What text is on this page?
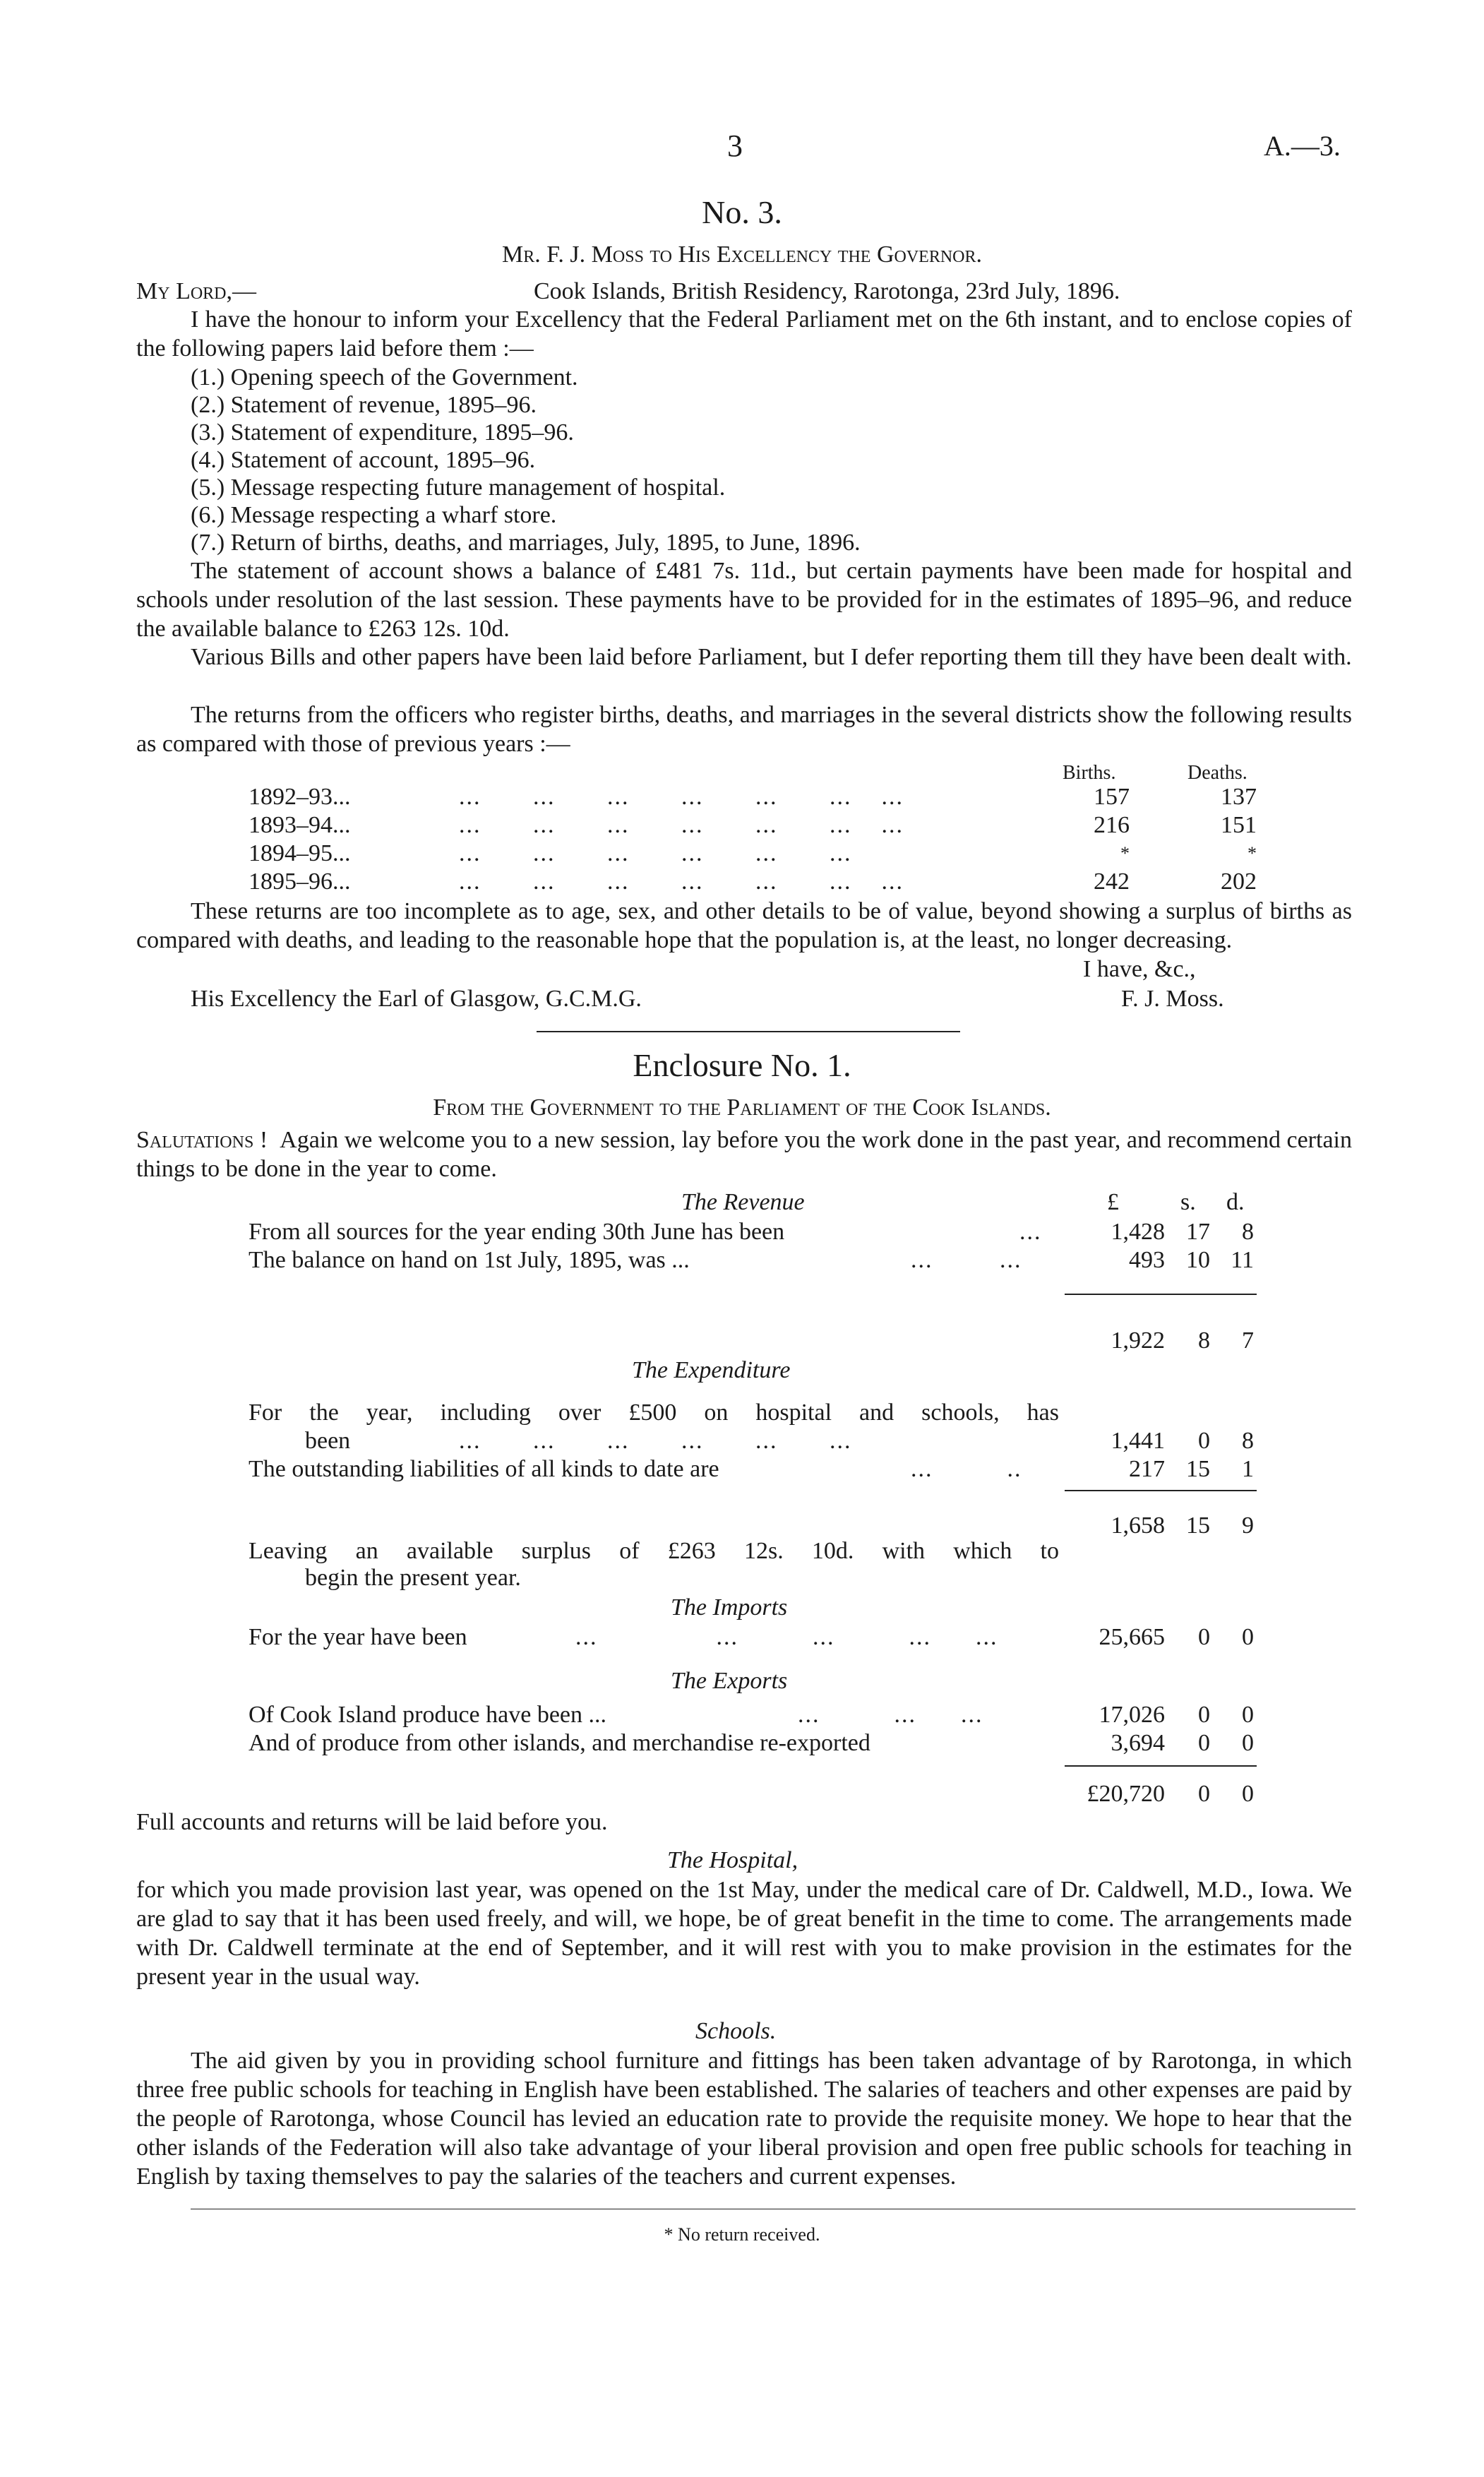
3	A.—3.
No. 3.
Mr. F. J. Moss to His Excellency the Governor.
My Lord,—	Cook Islands, British Residency, Rarotonga, 23rd July, 1896.
I have the honour to inform your Excellency that the Federal Parliament met on the 6th instant, and to enclose copies of the following papers laid before them :—
(1.) Opening speech of the Government.
(2.) Statement of revenue, 1895–96.
(3.) Statement of expenditure, 1895–96.
(4.) Statement of account, 1895–96.
(5.) Message respecting future management of hospital.
(6.) Message respecting a wharf store.
(7.) Return of births, deaths, and marriages, July, 1895, to June, 1896.
The statement of account shows a balance of £481 7s. 11d., but certain payments have been made for hospital and schools under resolution of the last session. These payments have to be provided for in the estimates of 1895–96, and reduce the available balance to £263 12s. 10d.
Various Bills and other papers have been laid before Parliament, but I defer reporting them till they have been dealt with.
The returns from the officers who register births, deaths, and marriages in the several districts show the following results as compared with those of previous years :—
Births.	Deaths.
1892–93...	...       ...       ...       ...       ...       ...    ...	157	137
1893–94...	...       ...       ...       ...       ...       ...    ...	216	151
1894–95...	...       ...       ...       ...       ...       ...	*	*
1895–96...	...       ...       ...       ...       ...       ...    ...	242	202
These returns are too incomplete as to age, sex, and other details to be of value, beyond showing a surplus of births as compared with deaths, and leading to the reasonable hope that the population is, at the least, no longer decreasing.
I have, &c.,
His Excellency the Earl of Glasgow, G.C.M.G.	F. J. Moss.
Enclosure No. 1.
From the Government to the Parliament of the Cook Islands.
Salutations ! Again we welcome you to a new session, lay before you the work done in the past year, and recommend certain things to be done in the year to come.
£	s. d.
The Revenue
From all sources for the year ending 30th June has been	...	1,428 17	8
The balance on hand on 1st July, 1895, was ...	...         ...	493 10 11
1,922	8	7
The Expenditure
For the year, including over £500 on hospital and schools, has
been	...       ...       ...       ...       ...       ...	1,441	0	8
The outstanding liabilities of all kinds to date are	...          ..	217 15	1
1,658 15	9
Leaving an available surplus of £263 12s. 10d. with which to
begin the present year.
The Imports
For the year have been	...                ...          ...          ...      ...	25,665	0	0
The Exports
Of Cook Island produce have been ...	...          ...      ...	17,026	0	0
And of produce from other islands, and merchandise re-exported	3,694	0	0
£20,720	0	0
Full accounts and returns will be laid before you.
The Hospital,
for which you made provision last year, was opened on the 1st May, under the medical care of Dr. Caldwell, M.D., Iowa. We are glad to say that it has been used freely, and will, we hope, be of great benefit in the time to come. The arrangements made with Dr. Caldwell terminate at the end of September, and it will rest with you to make provision in the estimates for the present year in the usual way.
Schools.
The aid given by you in providing school furniture and fittings has been taken advantage of by Rarotonga, in which three free public schools for teaching in English have been established. The salaries of teachers and other expenses are paid by the people of Rarotonga, whose Council has levied an education rate to provide the requisite money. We hope to hear that the other islands of the Federation will also take advantage of your liberal provision and open free public schools for teaching in English by taxing themselves to pay the salaries of the teachers and current expenses.
* No return received.
